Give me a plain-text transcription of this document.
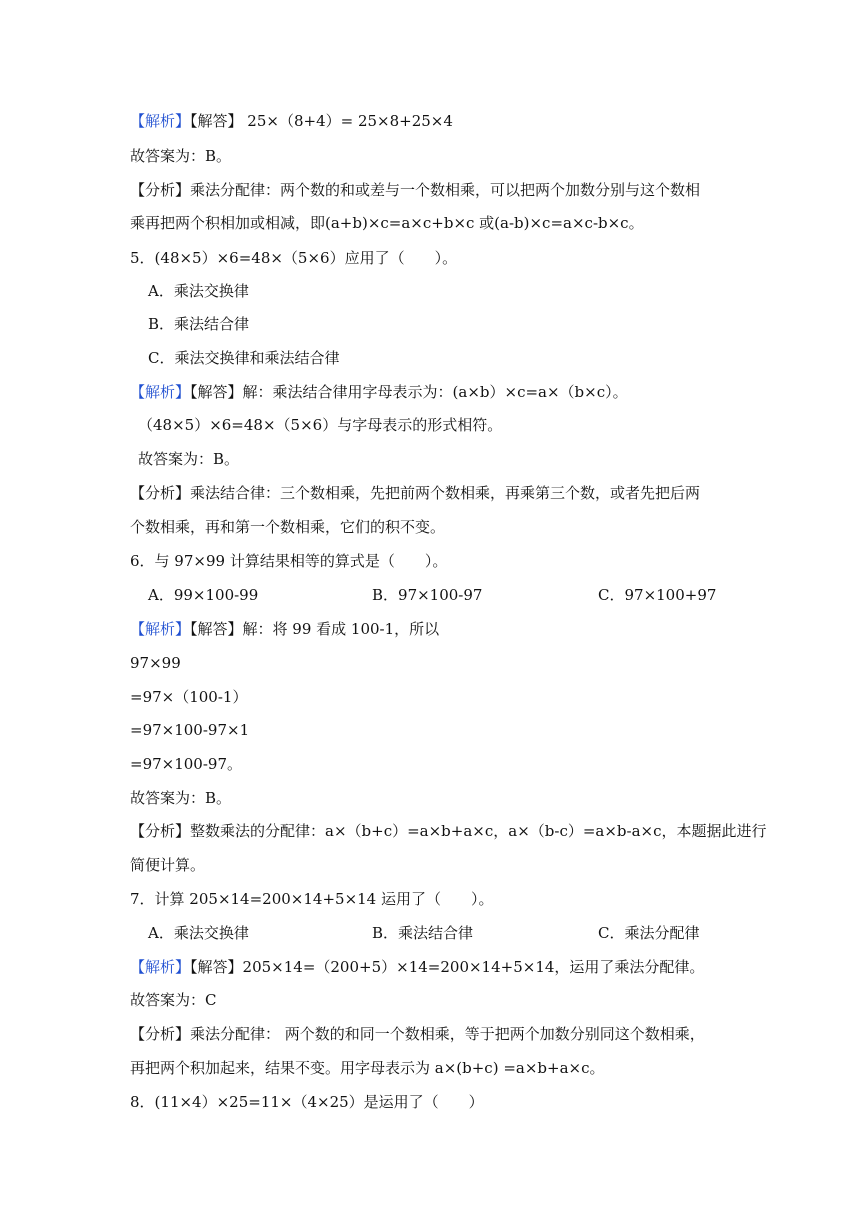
【解析】【解答】 25×（8+4）= 25×8+25×4
故答案为：B。
【分析】乘法分配律：两个数的和或差与一个数相乘，可以把两个加数分别与这个数相
乘再把两个积相加或相减，即(a+b)×c=a×c+b×c 或(a-b)×c=a×c-b×c。
5．(48×5）×6=48×（5×6）应用了（　　）。
A．乘法交换律
B．乘法结合律
C．乘法交换律和乘法结合律
【解析】【解答】解：乘法结合律用字母表示为：(a×b）×c=a×（b×c）。
（48×5）×6=48×（5×6）与字母表示的形式相符。
故答案为：B。
【分析】乘法结合律：三个数相乘，先把前两个数相乘，再乘第三个数，或者先把后两
个数相乘，再和第一个数相乘，它们的积不变。
6．与 97×99 计算结果相等的算式是（　　）。
A．99×100-99	B．97×100-97	C．97×100+97
【解析】【解答】解：将 99 看成 100-1，所以
97×99
=97×（100-1）
=97×100-97×1
=97×100-97。
故答案为：B。
【分析】整数乘法的分配律：a×（b+c）=a×b+a×c，a×（b-c）=a×b-a×c，本题据此进行
简便计算。
7．计算 205×14=200×14+5×14 运用了（　　）。
A．乘法交换律	B．乘法结合律	C．乘法分配律
【解析】【解答】205×14=（200+5）×14=200×14+5×14，运用了乘法分配律。
故答案为：C
【分析】乘法分配律： 两个数的和同一个数相乘，等于把两个加数分别同这个数相乘，
再把两个积加起来，结果不变。用字母表示为 a×(b+c) =a×b+a×c。
8．(11×4）×25=11×（4×25）是运用了（　　）
